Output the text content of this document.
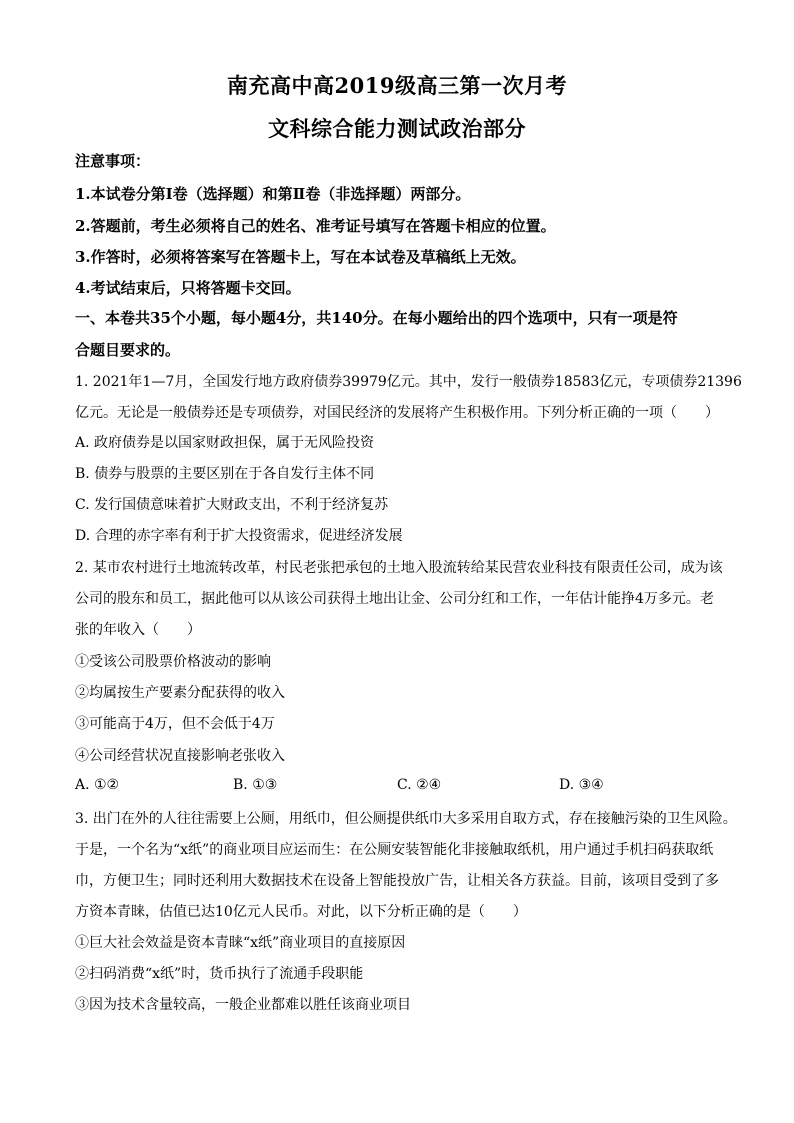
南充高中高2019级高三第一次月考
文科综合能力测试政治部分
注意事项：
1.本试卷分第Ⅰ卷（选择题）和第Ⅱ卷（非选择题）两部分。
2.答题前，考生必须将自己的姓名、准考证号填写在答题卡相应的位置。
3.作答时，必须将答案写在答题卡上，写在本试卷及草稿纸上无效。
4.考试结束后，只将答题卡交回。
一、本卷共35个小题，每小题4分，共140分。在每小题给出的四个选项中，只有一项是符
合题目要求的。
1. 2021年1—7月，全国发行地方政府债券39979亿元。其中，发行一般债券18583亿元，专项债券21396
亿元。无论是一般债券还是专项债券，对国民经济的发展将产生积极作用。下列分析正确的一项（　　）
A. 政府债券是以国家财政担保，属于无风险投资
B. 债券与股票的主要区别在于各自发行主体不同
C. 发行国债意味着扩大财政支出，不利于经济复苏
D. 合理的赤字率有利于扩大投资需求，促进经济发展
2. 某市农村进行土地流转改革，村民老张把承包的土地入股流转给某民营农业科技有限责任公司，成为该
公司的股东和员工，据此他可以从该公司获得土地出让金、公司分红和工作，一年估计能挣4万多元。老
张的年收入（　　）
①受该公司股票价格波动的影响
②均属按生产要素分配获得的收入
③可能高于4万，但不会低于4万
④公司经营状况直接影响老张收入
A. ①②	B. ①③	C. ②④	D. ③④
3. 出门在外的人往往需要上公厕，用纸巾，但公厕提供纸巾大多采用自取方式，存在接触污染的卫生风险。
于是，一个名为“x纸”的商业项目应运而生：在公厕安装智能化非接触取纸机，用户通过手机扫码获取纸
巾，方便卫生；同时还利用大数据技术在设备上智能投放广告，让相关各方获益。目前，该项目受到了多
方资本青睐，估值已达10亿元人民币。对此，以下分析正确的是（　　）
①巨大社会效益是资本青睐“x纸”商业项目的直接原因
②扫码消费“x纸”时，货币执行了流通手段职能
③因为技术含量较高，一般企业都难以胜任该商业项目
